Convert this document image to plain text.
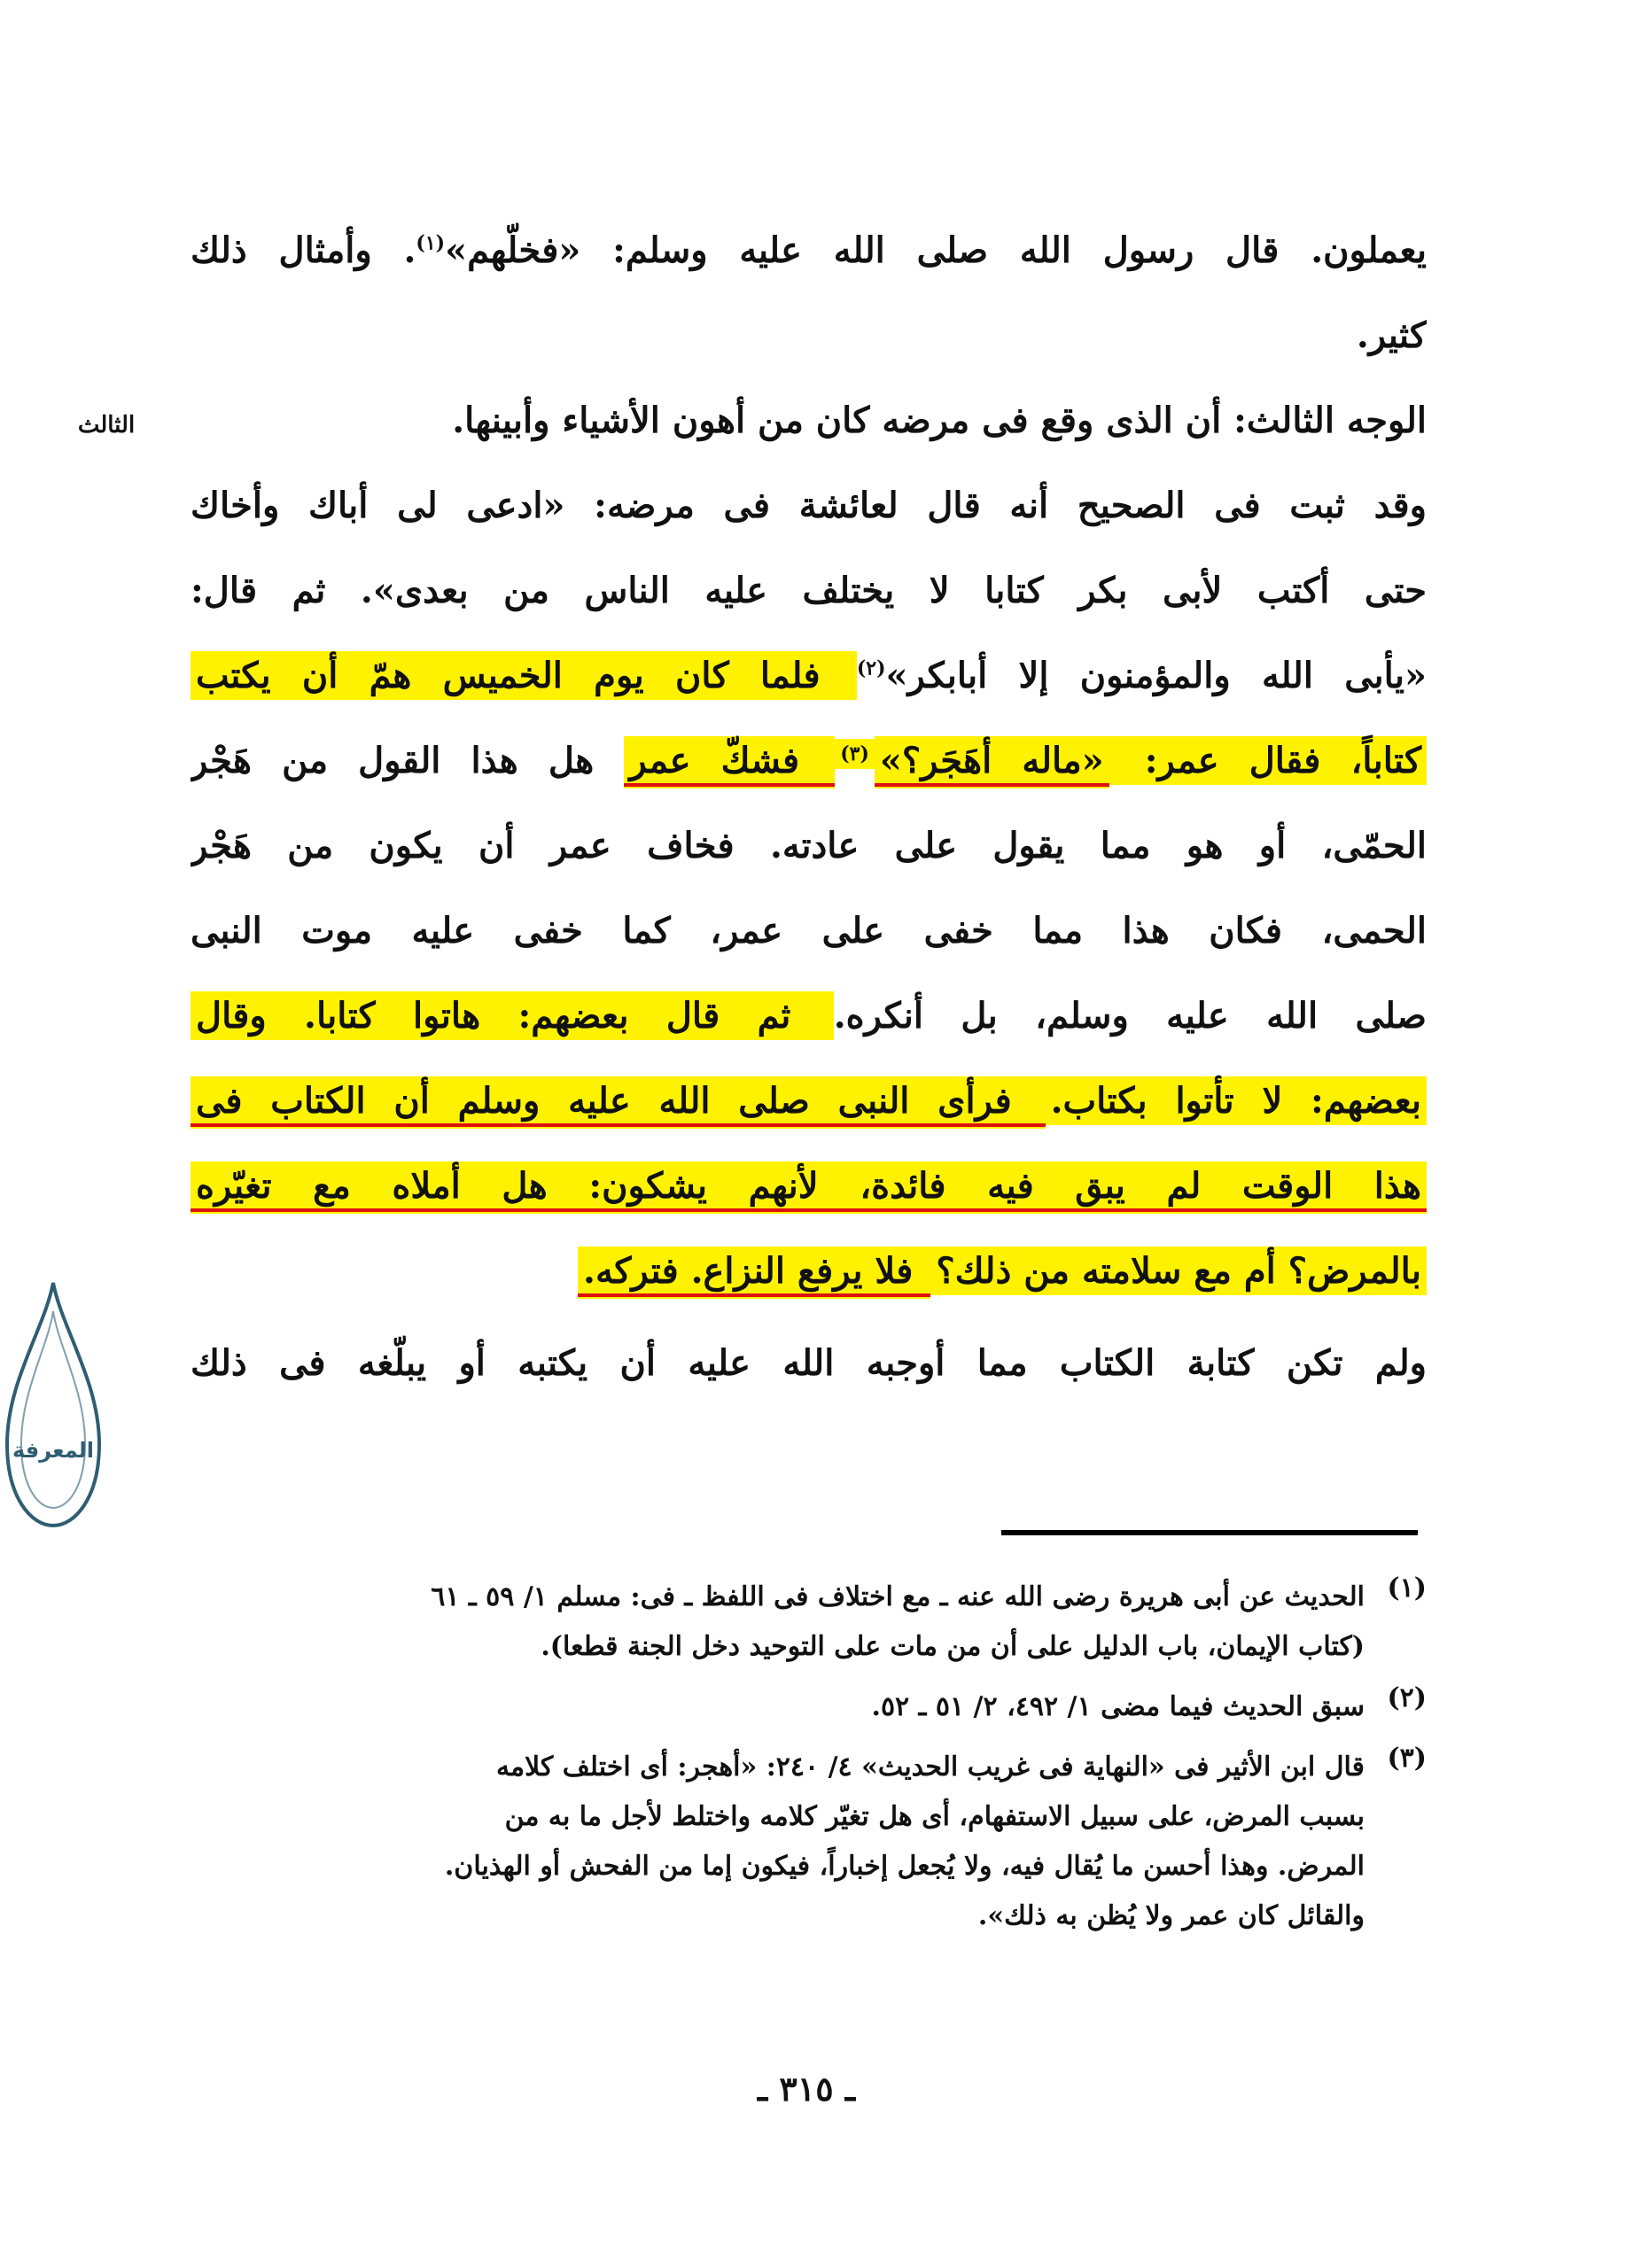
الثالث
يعملون. قال رسول الله صلى الله عليه وسلم: «فخلّهم»$^{(١)}$. وأمثال ذلك
كثير.
الوجه الثالث: أن الذى وقع فى مرضه كان من أهون الأشياء وأبينها.
وقد ثبت فى الصحيح أنه قال لعائشة فى مرضه: «ادعى لى أباك وأخاك
حتى أكتب لأبى بكر كتابا لا يختلف عليه الناس من بعدى». ثم قال:
«يأبى الله والمؤمنون إلا أبابكر»$^{(٢)}$ فلما كان يوم الخميس همّ أن يكتب
كتاباً، فقال عمر: «ماله أهَجَر؟»$^{(٣)}$ فشكّ عمر هل هذا القول من هَجْر
الحمّى، أو هو مما يقول على عادته. فخاف عمر أن يكون من هَجْر
الحمى، فكان هذا مما خفى على عمر، كما خفى عليه موت النبى
صلى الله عليه وسلم، بل أنكره. ثم قال بعضهم: هاتوا كتابا. وقال
بعضهم: لا تأتوا بكتاب. فرأى النبى صلى الله عليه وسلم أن الكتاب فى
هذا الوقت لم يبق فيه فائدة، لأنهم يشكون: هل أملاه مع تغيّره
بالمرض؟ أم مع سلامته من ذلك؟ فلا يرفع النزاع. فتركه.
ولم تكن كتابة الكتاب مما أوجبه الله عليه أن يكتبه أو يبلّغه فى ذلك
(١)
الحديث عن أبى هريرة رضى الله عنه ـ مع اختلاف فى اللفظ ـ فى: مسلم ١/ ٥٩ ـ ٦١
(كتاب الإيمان، باب الدليل على أن من مات على التوحيد دخل الجنة قطعا).
(٢)
سبق الحديث فيما مضى ١/ ٤٩٢، ٢/ ٥١ ـ ٥٢.
(٣)
قال ابن الأثير فى «النهاية فى غريب الحديث» ٤/ ٢٤٠: «أهجر: أى اختلف كلامه
بسبب المرض، على سبيل الاستفهام، أى هل تغيّر كلامه واختلط لأجل ما به من
المرض. وهذا أحسن ما يُقال فيه، ولا يُجعل إخباراً، فيكون إما من الفحش أو الهذيان.
والقائل كان عمر ولا يُظن به ذلك».
ـ ٣١٥ ـ
المعرفة
